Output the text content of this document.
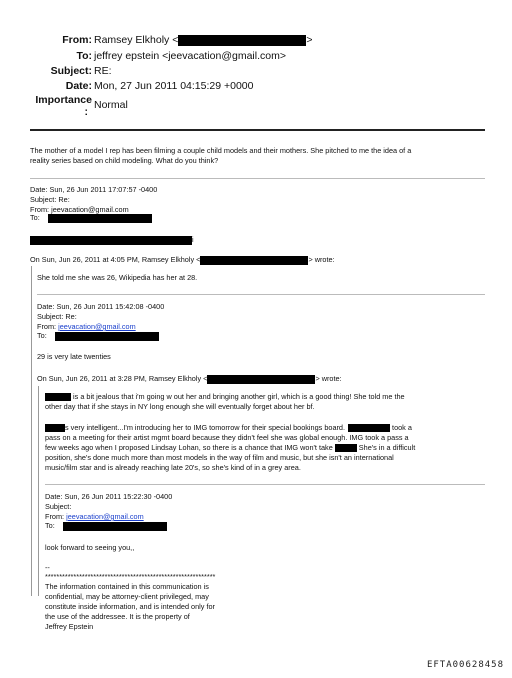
From: Ramsey Elkholy <	>
To: jeffrey epstein <jeevacation@gmail.com>
Subject: RE:
Date: Mon, 27 Jun 2011 04:15:29 +0000
Importance
:
Normal
The mother of a model I rep has been filming a couple child models and their mothers. She pitched to me the idea of a
reality series based on child modeling. What do you think?
Date: Sun, 26 Jun 2011 17:07:57 -0400
Subject: Re:
From: jeevacation@gmail.com
To:
i
On Sun, Jun 26, 2011 at 4:05 PM, Ramsey Elkholy <	> wrote:
She told me she was 26, Wikipedia has her at 28.
Date: Sun, 26 Jun 2011 15:42:08 -0400
Subject: Re:
From: jeevacation@gmail.com
To:
29 is very late twenties
On Sun, Jun 26, 2011 at 3:28 PM, Ramsey Elkholy <	> wrote:
is a bit jealous that i'm going w out her and bringing another girl, which is a good thing! She told me the
other day that if she stays in NY long enough she will eventually forget about her bf.
s very intelligent...I'm introducing her to IMG tomorrow for their special bookings board.	took a
pass on a meeting for their artist mgmt board because they didn't feel she was global enough. IMG took a pass a
few weeks ago when I proposed Lindsay Lohan, so there is a chance that IMG won't take	She's in a difficult
position, she's done much more than most models in the way of film and music, but she isn't an international
music/film star and is already reaching late 20's, so she's kind of in a grey area.
Date: Sun, 26 Jun 2011 15:22:30 -0400
Subject:
From: jeevacation@gmail.com
To:
look forward to seeing you,,
--
************************************************************
The information contained in this communication is
confidential, may be attorney-client privileged, may
constitute inside information, and is intended only for
the use of the addressee. It is the property of
Jeffrey Epstein
EFTA00628458
